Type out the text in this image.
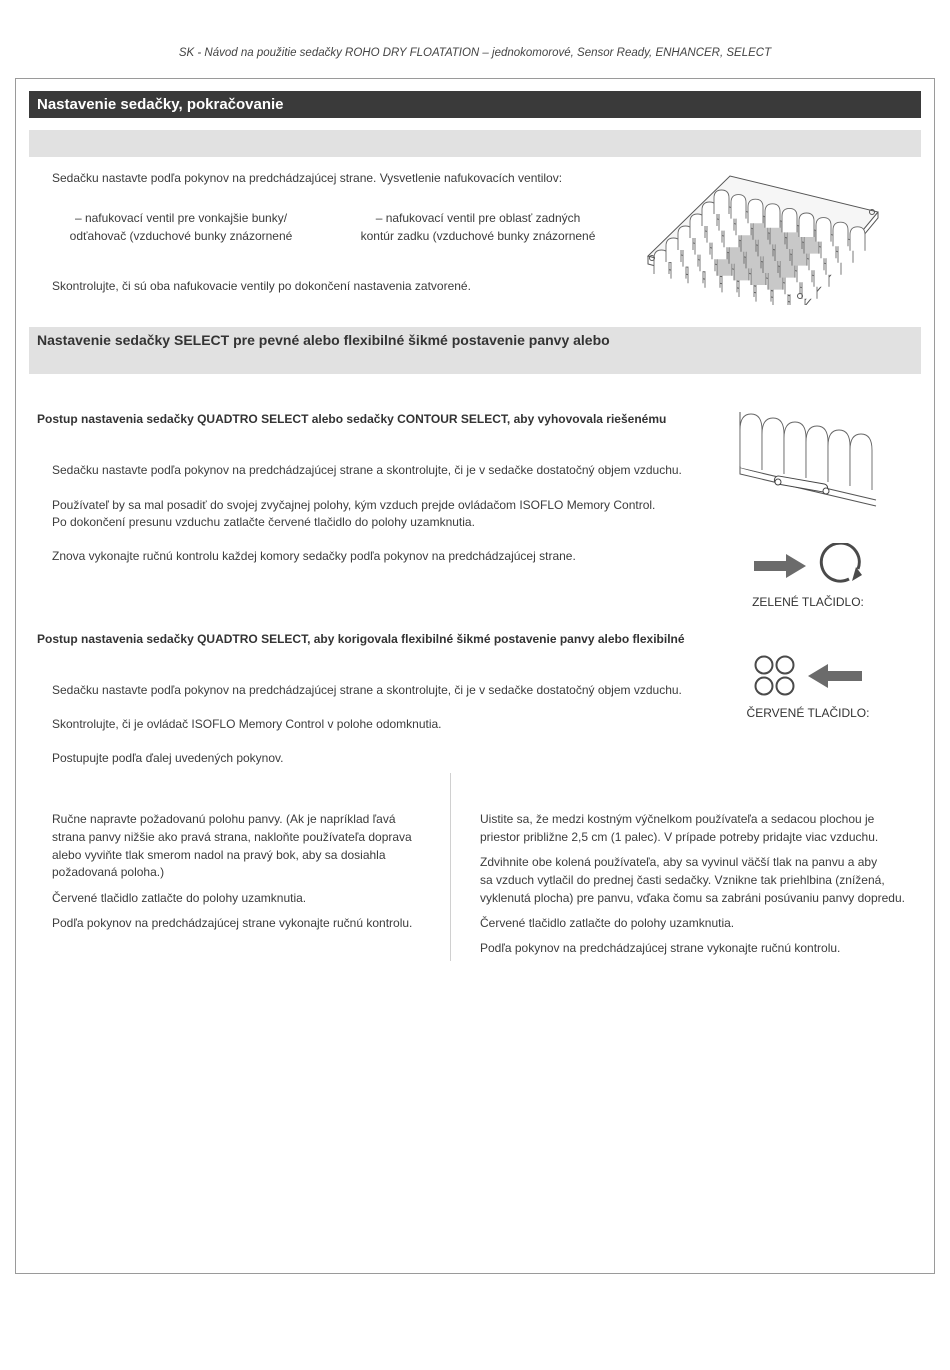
SK - Návod na použitie sedačky ROHO DRY FLOATATION – jednokomorové, Sensor Ready, ENHANCER, SELECT
Nastavenie sedačky, pokračovanie
Sedačku nastavte podľa pokynov na predchádzajúcej strane. Vysvetlenie nafukovacích ventilov:
– nafukovací ventil pre vonkajšie bunky/
odťahovač (vzduchové bunky znázornené
– nafukovací ventil pre oblasť zadných
kontúr zadku (vzduchové bunky znázornené
Skontrolujte, či sú oba nafukovacie ventily po dokončení nastavenia zatvorené.
Nastavenie sedačky SELECT pre pevné alebo flexibilné šikmé postavenie panvy alebo
Postup nastavenia sedačky QUADTRO SELECT alebo sedačky CONTOUR SELECT, aby vyhovovala riešenému
Sedačku nastavte podľa pokynov na predchádzajúcej strane a skontrolujte, či je v sedačke dostatočný objem vzduchu.
Používateľ by sa mal posadiť do svojej zvyčajnej polohy, kým vzduch prejde ovládačom ISOFLO Memory Control.
Po dokončení presunu vzduchu zatlačte červené tlačidlo do polohy uzamknutia.
Znova vykonajte ručnú kontrolu každej komory sedačky podľa pokynov na predchádzajúcej strane.
ZELENÉ TLAČIDLO:
Postup nastavenia sedačky QUADTRO SELECT, aby korigovala flexibilné šikmé postavenie panvy alebo flexibilné
ČERVENÉ TLAČIDLO:
Sedačku nastavte podľa pokynov na predchádzajúcej strane a skontrolujte, či je v sedačke dostatočný objem vzduchu.
Skontrolujte, či je ovládač ISOFLO Memory Control v polohe odomknutia.
Postupujte podľa ďalej uvedených pokynov.
Ručne napravte požadovanú polohu panvy. (Ak je napríklad ľavá
strana panvy nižšie ako pravá strana, nakloňte používateľa doprava
alebo vyviňte tlak smerom nadol na pravý bok, aby sa dosiahla
požadovaná poloha.)
Červené tlačidlo zatlačte do polohy uzamknutia.
Podľa pokynov na predchádzajúcej strane vykonajte ručnú kontrolu.
Uistite sa, že medzi kostným výčnelkom používateľa a sedacou plochou je
priestor približne 2,5 cm (1 palec). V prípade potreby pridajte viac vzduchu.
Zdvihnite obe kolená používateľa, aby sa vyvinul väčší tlak na panvu a aby
sa vzduch vytlačil do prednej časti sedačky. Vznikne tak priehlbina (znížená,
vyklenutá plocha) pre panvu, vďaka čomu sa zabráni posúvaniu panvy dopredu.
Červené tlačidlo zatlačte do polohy uzamknutia.
Podľa pokynov na predchádzajúcej strane vykonajte ručnú kontrolu.
